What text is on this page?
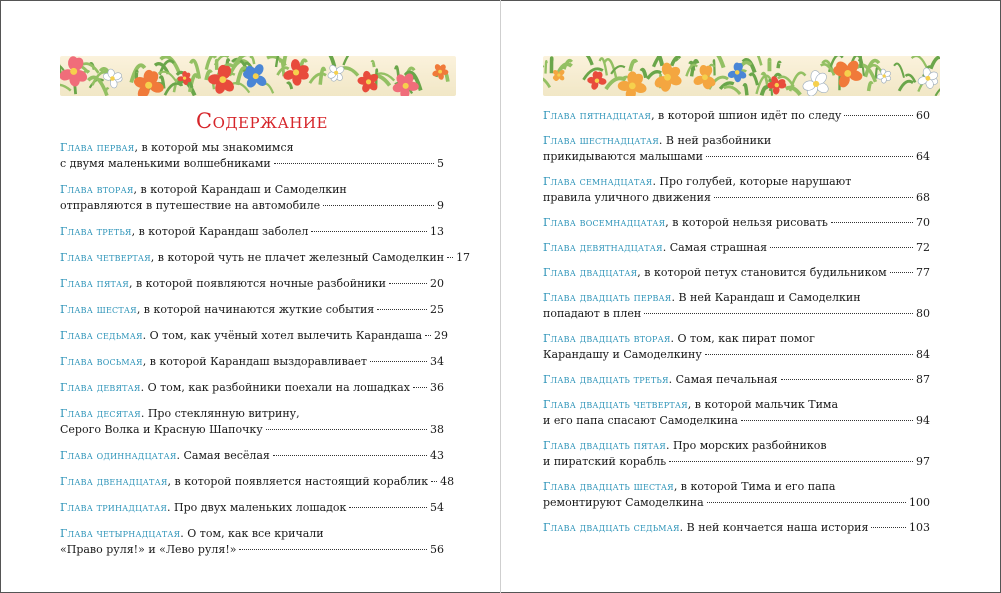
Содержание
Глава первая, в которой мы знакомимся
с двумя маленькими волшебниками	5
Глава вторая, в которой Карандаш и Самоделкин
отправляются в путешествие на автомобиле	9
Глава третья, в которой Карандаш заболел	13
Глава четвертая, в которой чуть не плачет железный Самоделкин 17
Глава пятая, в которой появляются ночные разбойники	20
Глава шестая, в которой начинаются жуткие события	25
Глава седьмая. О том, как учёный хотел вылечить Карандаша 29
Глава восьмая, в которой Карандаш выздоравливает	34
Глава девятая. О том, как разбойники поехали на лошадках 36
Глава десятая. Про стеклянную витрину,
Серого Волка и Красную Шапочку	38
Глава одиннадцатая. Самая весёлая	43
Глава двенадцатая, в которой появляется настоящий кораблик 48
Глава тринадцатая. Про двух маленьких лошадок	54
Глава четырнадцатая. О том, как все кричали
«Право руля!» и «Лево руля!»	56
Глава пятнадцатая, в которой шпион идёт по следу	60
Глава шестнадцатая. В ней разбойники
прикидываются малышами	64
Глава семнадцатая. Про голубей, которые нарушают
правила уличного движения	68
Глава восемнадцатая, в которой нельзя рисовать	70
Глава девятнадцатая. Самая страшная	72
Глава двадцатая, в которой петух становится будильником	77
Глава двадцать первая. В ней Карандаш и Самоделкин
попадают в плен	80
Глава двадцать вторая. О том, как пират помог
Карандашу и Самоделкину	84
Глава двадцать третья. Самая печальная	87
Глава двадцать четвертая, в которой мальчик Тима
и его папа спасают Самоделкина	94
Глава двадцать пятая. Про морских разбойников
и пиратский корабль	97
Глава двадцать шестая, в которой Тима и его папа
ремонтируют Самоделкина	100
Глава двадцать седьмая. В ней кончается наша история	103
